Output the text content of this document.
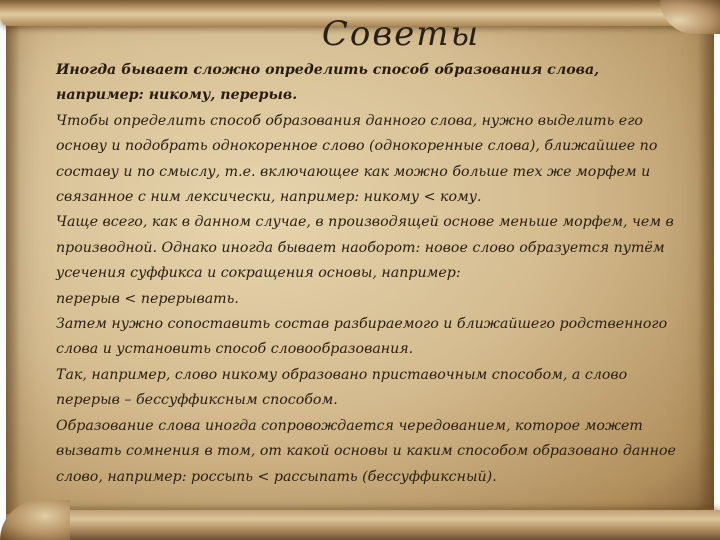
Советы

Иногда бывает сложно определить способ образования слова, например: никому, перерыв.

Чтобы определить способ образования данного слова, нужно выделить его основу и подобрать однокоренное слово (однокоренные слова), ближайшее по составу и по смыслу, т.е. включающее как можно больше тех же морфем и связанное с ним лексически, например: никому < кому.

Чаще всего, как в данном случае, в производящей основе меньше морфем, чем в производной. Однако иногда бывает наоборот: новое слово образуется путём усечения суффикса и сокращения основы, например:

перерыв < перерывать.

Затем нужно сопоставить состав разбираемого и ближайшего родственного слова и установить способ словообразования.

Так, например, слово никому образовано приставочным способом, а слово перерыв – бессуффиксным способом.

Образование слова иногда сопровождается чередованием, которое может вызвать сомнения в том, от какой основы и каким способом образовано данное слово, например: россыпь < рассыпать (бессуффиксный).
